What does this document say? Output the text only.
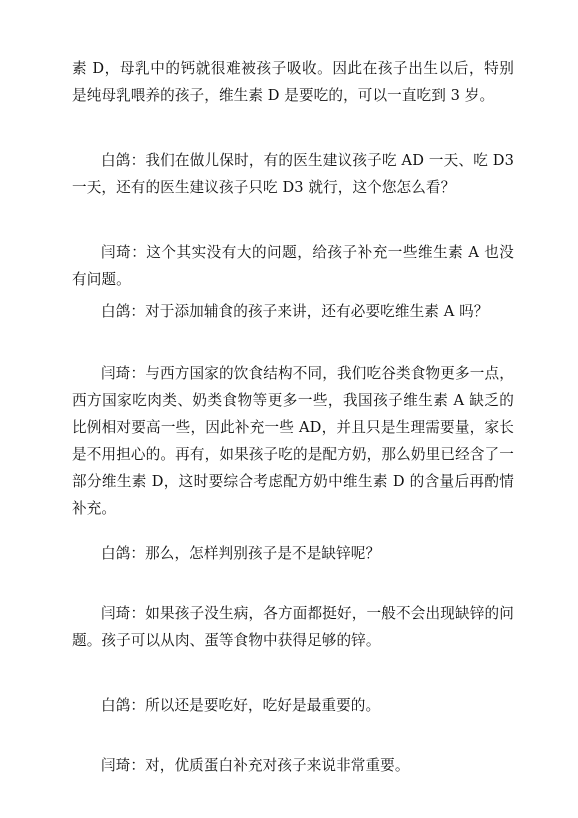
素 D，母乳中的钙就很难被孩子吸收。因此在孩子出生以后，特别是纯母乳喂养的孩子，维生素 D 是要吃的，可以一直吃到 3 岁。

白鸽：我们在做儿保时，有的医生建议孩子吃 AD 一天、吃 D3 一天，还有的医生建议孩子只吃 D3 就行，这个您怎么看？

闫琦：这个其实没有大的问题，给孩子补充一些维生素 A 也没有问题。

白鸽：对于添加辅食的孩子来讲，还有必要吃维生素 A 吗？

闫琦：与西方国家的饮食结构不同，我们吃谷类食物更多一点，西方国家吃肉类、奶类食物等更多一些，我国孩子维生素 A 缺乏的比例相对要高一些，因此补充一些 AD，并且只是生理需要量，家长是不用担心的。再有，如果孩子吃的是配方奶，那么奶里已经含了一部分维生素 D，这时要综合考虑配方奶中维生素 D 的含量后再酌情补充。

白鸽：那么，怎样判别孩子是不是缺锌呢？

闫琦：如果孩子没生病，各方面都挺好，一般不会出现缺锌的问题。孩子可以从肉、蛋等食物中获得足够的锌。

白鸽：所以还是要吃好，吃好是最重要的。

闫琦：对，优质蛋白补充对孩子来说非常重要。
